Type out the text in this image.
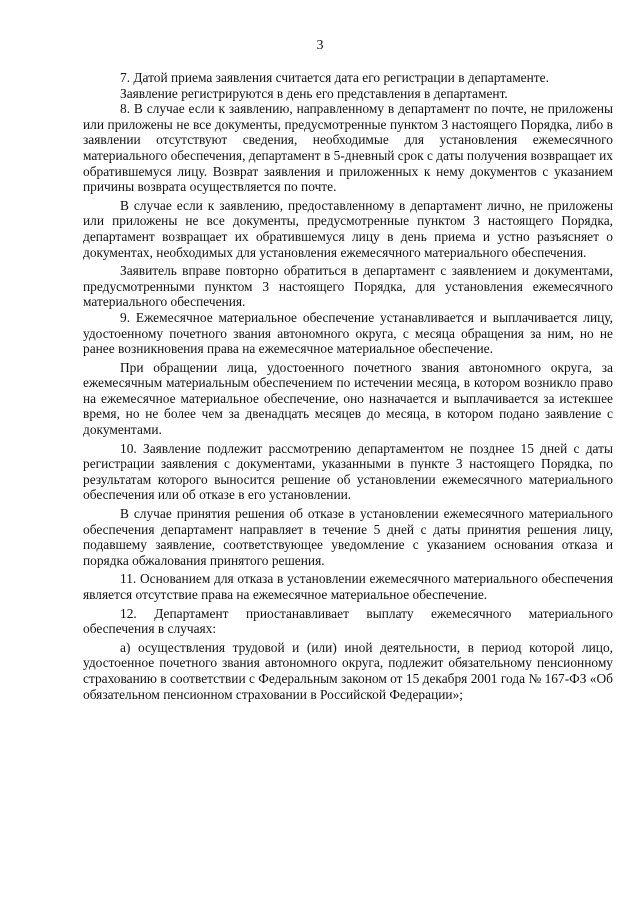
3

7. Датой приема заявления считается дата его регистрации в департаменте.

Заявление регистрируются в день его представления в департамент.

8. В случае если к заявлению, направленному в департамент по почте, не приложены или приложены не все документы, предусмотренные пунктом 3 настоящего Порядка, либо в заявлении отсутствуют сведения, необходимые для установления ежемесячного материального обеспечения, департамент в 5-дневный срок с даты получения возвращает их обратившемуся лицу. Возврат заявления и приложенных к нему документов с указанием причины возврата осуществляется по почте.

В случае если к заявлению, предоставленному в департамент лично, не приложены или приложены не все документы, предусмотренные пунктом 3 настоящего Порядка, департамент возвращает их обратившемуся лицу в день приема и устно разъясняет о документах, необходимых для установления ежемесячного материального обеспечения.

Заявитель вправе повторно обратиться в департамент с заявлением и документами, предусмотренными пунктом 3 настоящего Порядка, для установления ежемесячного материального обеспечения.

9. Ежемесячное материальное обеспечение устанавливается и выплачивается лицу, удостоенному почетного звания автономного округа, с месяца обращения за ним, но не ранее возникновения права на ежемесячное материальное обеспечение.

При обращении лица, удостоенного почетного звания автономного округа, за ежемесячным материальным обеспечением по истечении месяца, в котором возникло право на ежемесячное материальное обеспечение, оно назначается и выплачивается за истекшее время, но не более чем за двенадцать месяцев до месяца, в котором подано заявление с документами.

10. Заявление подлежит рассмотрению департаментом не позднее 15 дней с даты регистрации заявления с документами, указанными в пункте 3 настоящего Порядка, по результатам которого выносится решение об установлении ежемесячного материального обеспечения или об отказе в его установлении.

В случае принятия решения об отказе в установлении ежемесячного материального обеспечения департамент направляет в течение 5 дней с даты принятия решения лицу, подавшему заявление, соответствующее уведомление с указанием основания отказа и порядка обжалования принятого решения.

11. Основанием для отказа в установлении ежемесячного материального обеспечения является отсутствие права на ежемесячное материальное обеспечение.

12. Департамент приостанавливает выплату ежемесячного материального обеспечения в случаях:

а) осуществления трудовой и (или) иной деятельности, в период которой лицо, удостоенное почетного звания автономного округа, подлежит обязательному пенсионному страхованию в соответствии с Федеральным законом от 15 декабря 2001 года № 167-ФЗ «Об обязательном пенсионном страховании в Российской Федерации»;
